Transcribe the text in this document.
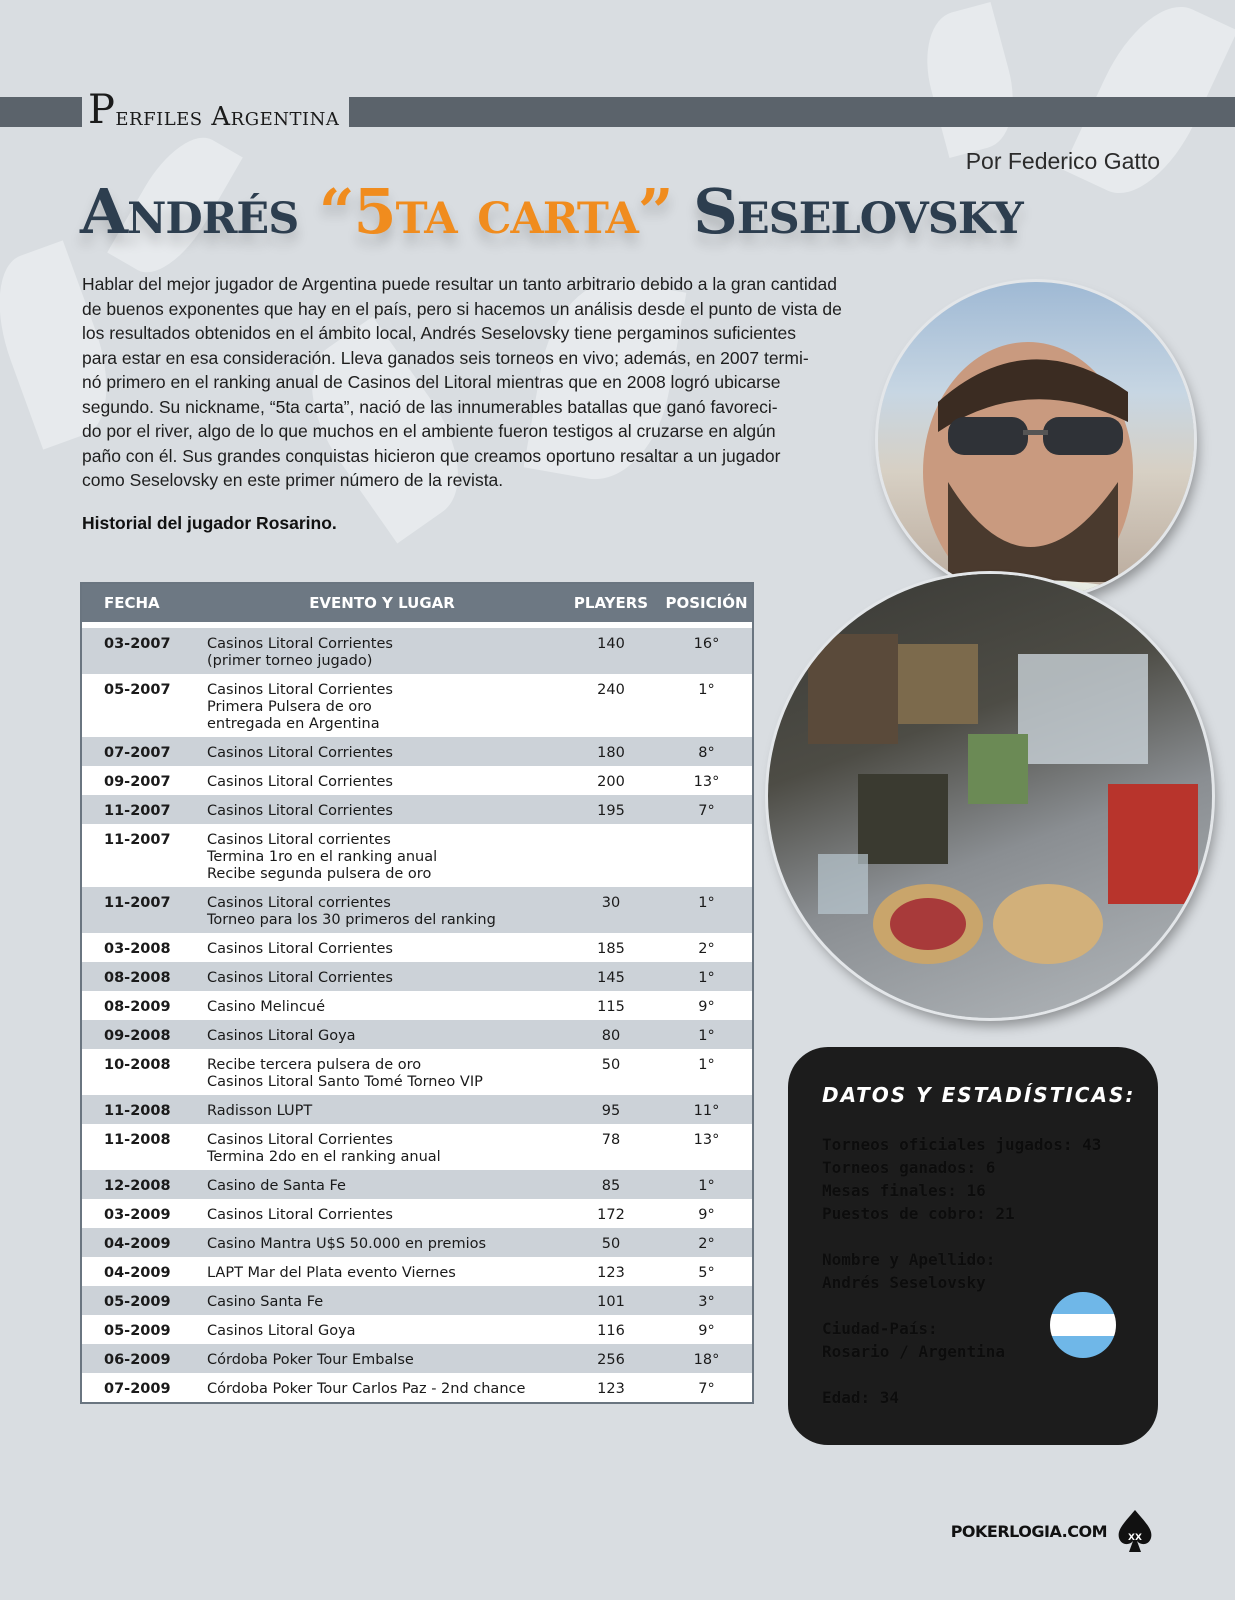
P erfiles Argentina
Por Federico Gatto
Andrés “5ta carta” Seselovsky
Hablar del mejor jugador de Argentina puede resultar un tanto arbitrario debido a la gran cantidad
de buenos exponentes que hay en el país, pero si hacemos un análisis desde el punto de vista de
los resultados obtenidos en el ámbito local, Andrés Seselovsky tiene pergaminos suficientes
para estar en esa consideración. Lleva ganados seis torneos en vivo; además, en 2007 termi-
nó primero en el ranking anual de Casinos del Litoral mientras que en 2008 logró ubicarse
segundo. Su nickname, “5ta carta”, nació de las innumerables batallas que ganó favoreci-
do por el river, algo de lo que muchos en el ambiente fueron testigos al cruzarse en algún
paño con él. Sus grandes conquistas hicieron que creamos oportuno resaltar a un jugador
como Seselovsky en este primer número de la revista.
Historial del jugador Rosarino.
FECHA	EVENTO Y LUGAR	PLAYERS	POSICIÓN

03-2007	Casinos Litoral Corrientes
(primer torneo jugado)	140	16°
05-2007	Casinos Litoral Corrientes
Primera Pulsera de oro
entregada en Argentina	240	1°
07-2007	Casinos Litoral Corrientes	180	8°
09-2007	Casinos Litoral Corrientes	200	13°
11-2007	Casinos Litoral Corrientes	195	7°
11-2007	Casinos Litoral corrientes
Termina 1ro en el ranking anual
Recibe segunda pulsera de oro		

11-2007	Casinos Litoral corrientes
Torneo para los 30 primeros del ranking	30	1°
03-2008	Casinos Litoral Corrientes	185	2°
08-2008	Casinos Litoral Corrientes	145	1°
08-2009	Casino Melincué	115	9°
09-2008	Casinos Litoral Goya	80	1°
10-2008	Recibe tercera pulsera de oro
Casinos Litoral Santo Tomé Torneo VIP	50	1°
11-2008	Radisson LUPT	95	11°
11-2008	Casinos Litoral Corrientes
Termina 2do en el ranking anual	78	13°
12-2008	Casino de Santa Fe	85	1°
03-2009	Casinos Litoral Corrientes	172	9°
04-2009	Casino Mantra U$S 50.000 en premios	50	2°
04-2009	LAPT Mar del Plata evento Viernes	123	5°
05-2009	Casino Santa Fe	101	3°
05-2009	Casinos Litoral Goya	116	9°
06-2009	Córdoba Poker Tour Embalse	256	18°
07-2009	Córdoba Poker Tour Carlos Paz - 2nd chance	123	7°
DATOS Y ESTADÍSTICAS:
Torneos oficiales jugados: 43
Torneos ganados: 6
Mesas finales: 16
Puestos de cobro: 21
Nombre y Apellido:
Andrés Seselovsky
Ciudad-País:
Rosario / Argentina
Edad: 34
POKERLOGIA.COM XX
